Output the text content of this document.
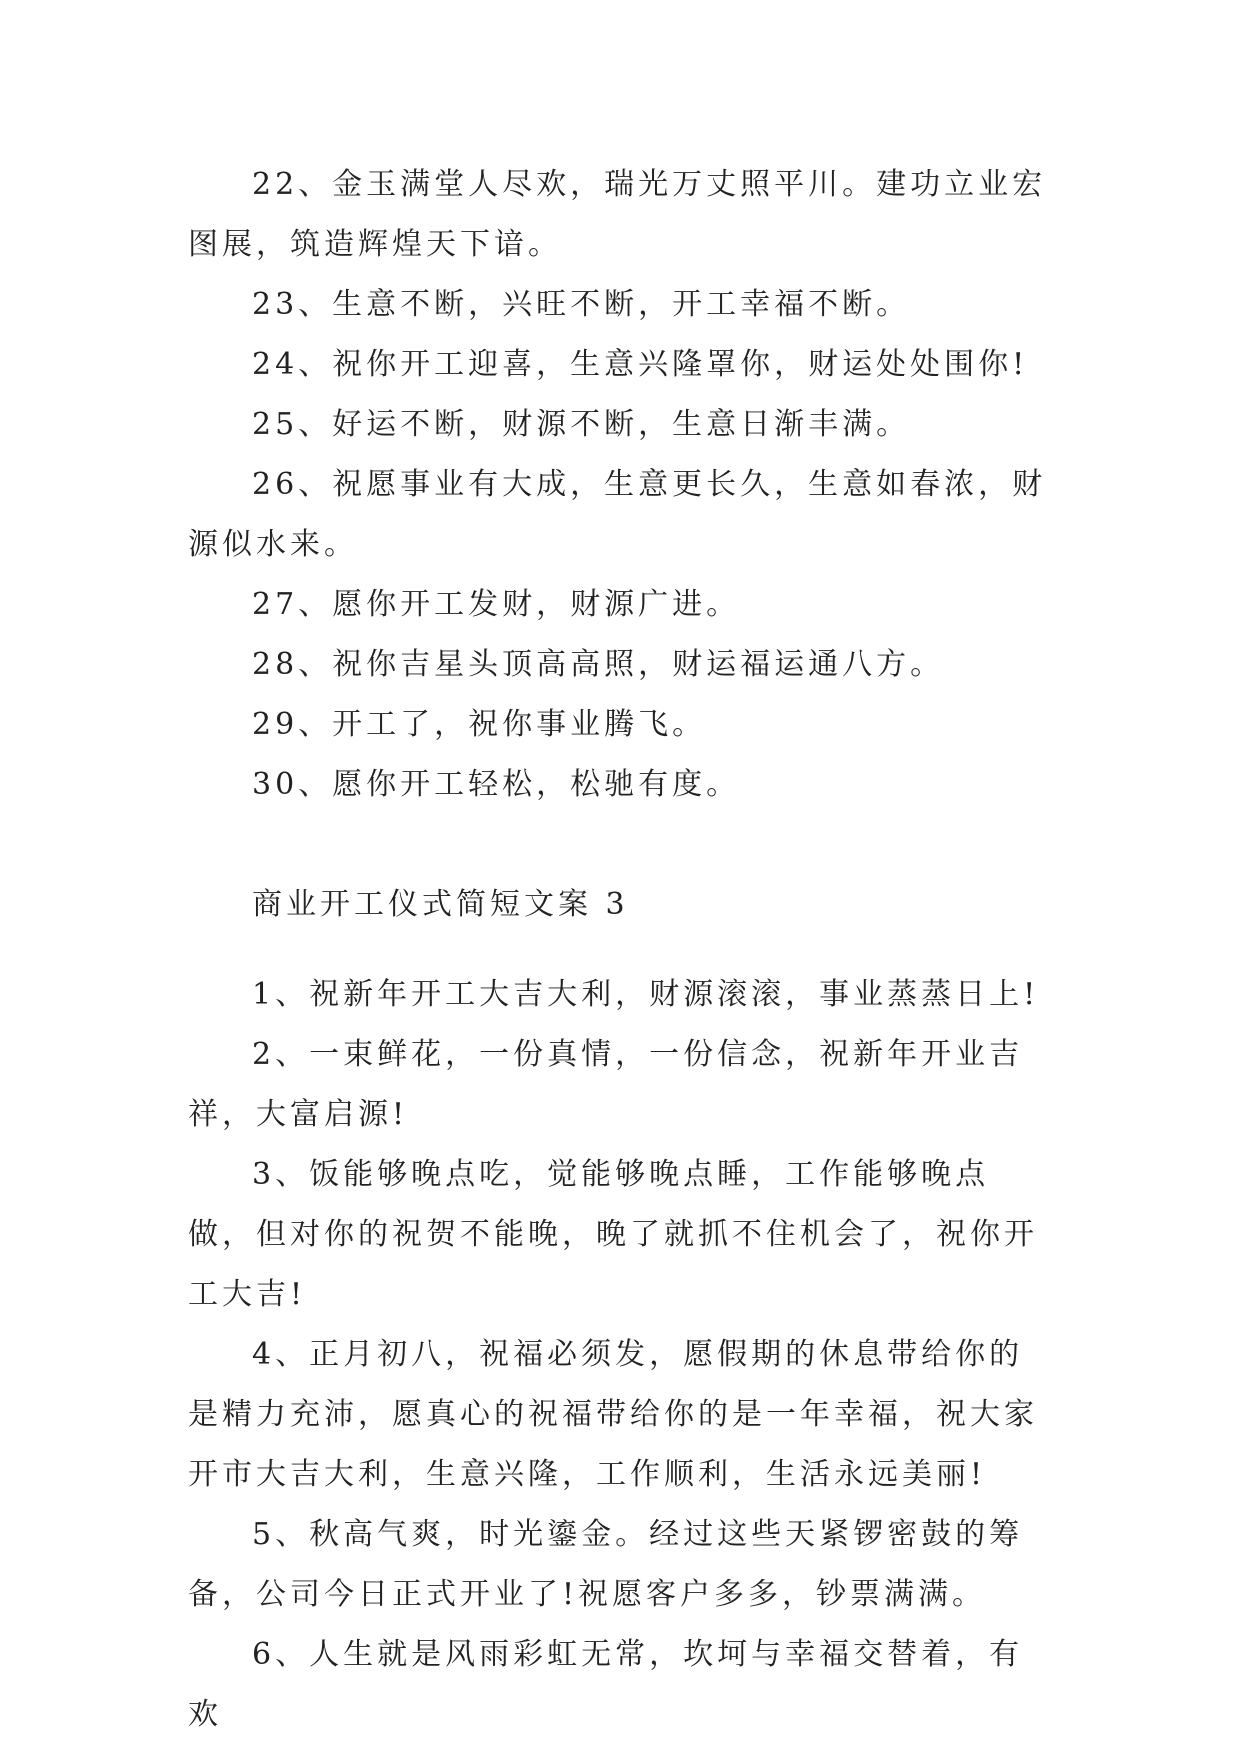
22、金玉满堂人尽欢，瑞光万丈照平川。建功立业宏图展，筑造辉煌天下谙。

23、生意不断，兴旺不断，开工幸福不断。

24、祝你开工迎喜，生意兴隆罩你，财运处处围你!

25、好运不断，财源不断，生意日渐丰满。

26、祝愿事业有大成，生意更长久，生意如春浓，财源似水来。

27、愿你开工发财，财源广进。

28、祝你吉星头顶高高照，财运福运通八方。

29、开工了，祝你事业腾飞。

30、愿你开工轻松，松驰有度。

商业开工仪式简短文案 3

1、祝新年开工大吉大利，财源滚滚，事业蒸蒸日上!

2、一束鲜花，一份真情，一份信念，祝新年开业吉祥，大富启源!

3、饭能够晚点吃，觉能够晚点睡，工作能够晚点做，但对你的祝贺不能晚，晚了就抓不住机会了，祝你开工大吉!

4、正月初八，祝福必须发，愿假期的休息带给你的是精力充沛，愿真心的祝福带给你的是一年幸福，祝大家开市大吉大利，生意兴隆，工作顺利，生活永远美丽!

5、秋高气爽，时光鎏金。经过这些天紧锣密鼓的筹备，公司今日正式开业了!祝愿客户多多，钞票满满。

6、人生就是风雨彩虹无常，坎坷与幸福交替着，有欢
